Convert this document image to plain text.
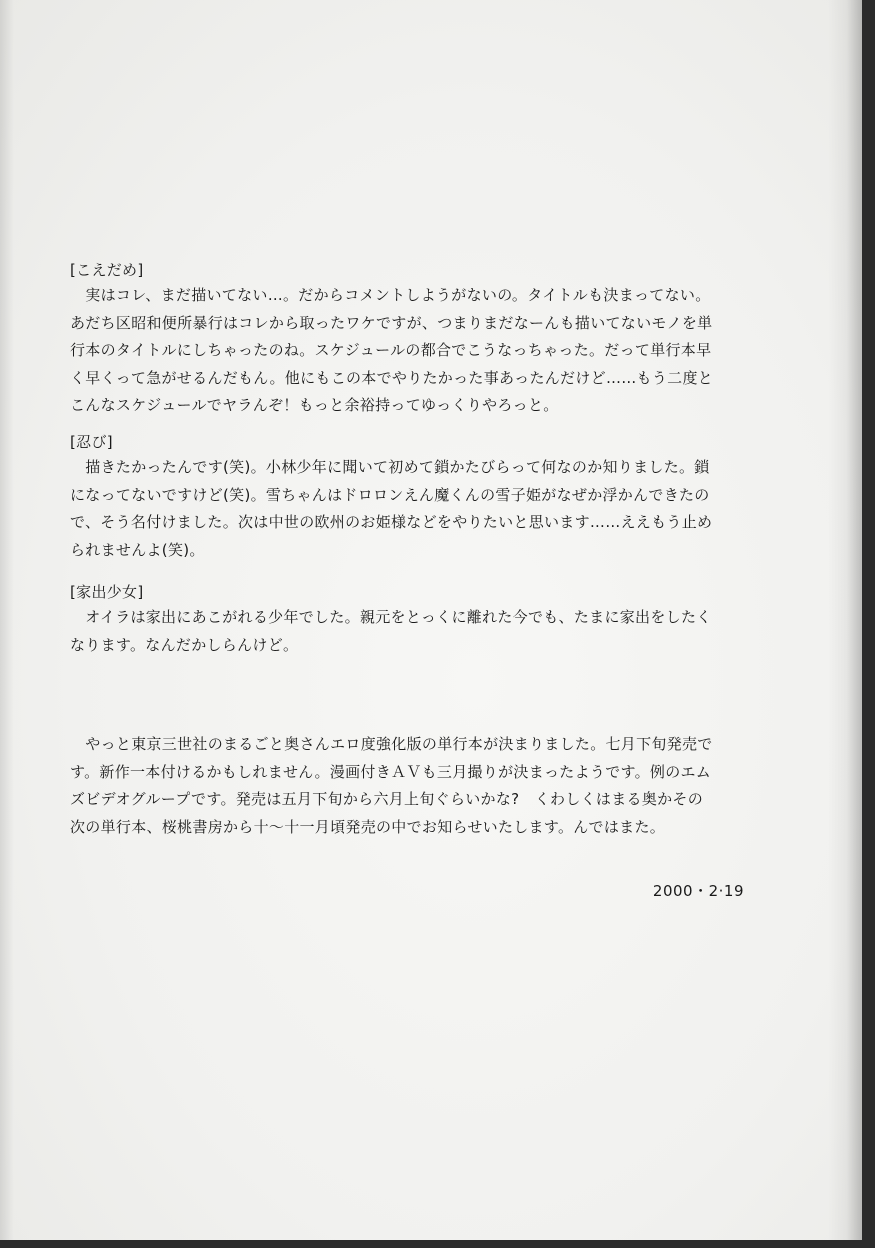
[こえだめ]
　実はコレ、まだ描いてない…。だからコメントしようがないの。タイトルも決まってない。
あだち区昭和便所暴行はコレから取ったワケですが、つまりまだなーんも描いてないモノを単
行本のタイトルにしちゃったのね。スケジュールの都合でこうなっちゃった。だって単行本早
く早くって急がせるんだもん。他にもこの本でやりたかった事あったんだけど……もう二度と
こんなスケジュールでヤラんぞ！もっと余裕持ってゆっくりやろっと。
[忍び]
　描きたかったんです(笑)。小林少年に聞いて初めて鎖かたびらって何なのか知りました。鎖
になってないですけど(笑)。雪ちゃんはドロロンえん魔くんの雪子姫がなぜか浮かんできたの
で、そう名付けました。次は中世の欧州のお姫様などをやりたいと思います……ええもう止め
られませんよ(笑)。
[家出少女]
　オイラは家出にあこがれる少年でした。親元をとっくに離れた今でも、たまに家出をしたく
なります。なんだかしらんけど。
　やっと東京三世社のまるごと奥さんエロ度強化版の単行本が決まりました。七月下旬発売で
す。新作一本付けるかもしれません。漫画付きＡＶも三月撮りが決まったようです。例のエム
ズビデオグループです。発売は五月下旬から六月上旬ぐらいかな?　くわしくはまる奥かその
次の単行本、桜桃書房から十〜十一月頃発売の中でお知らせいたします。んではまた。
2000・2·19
